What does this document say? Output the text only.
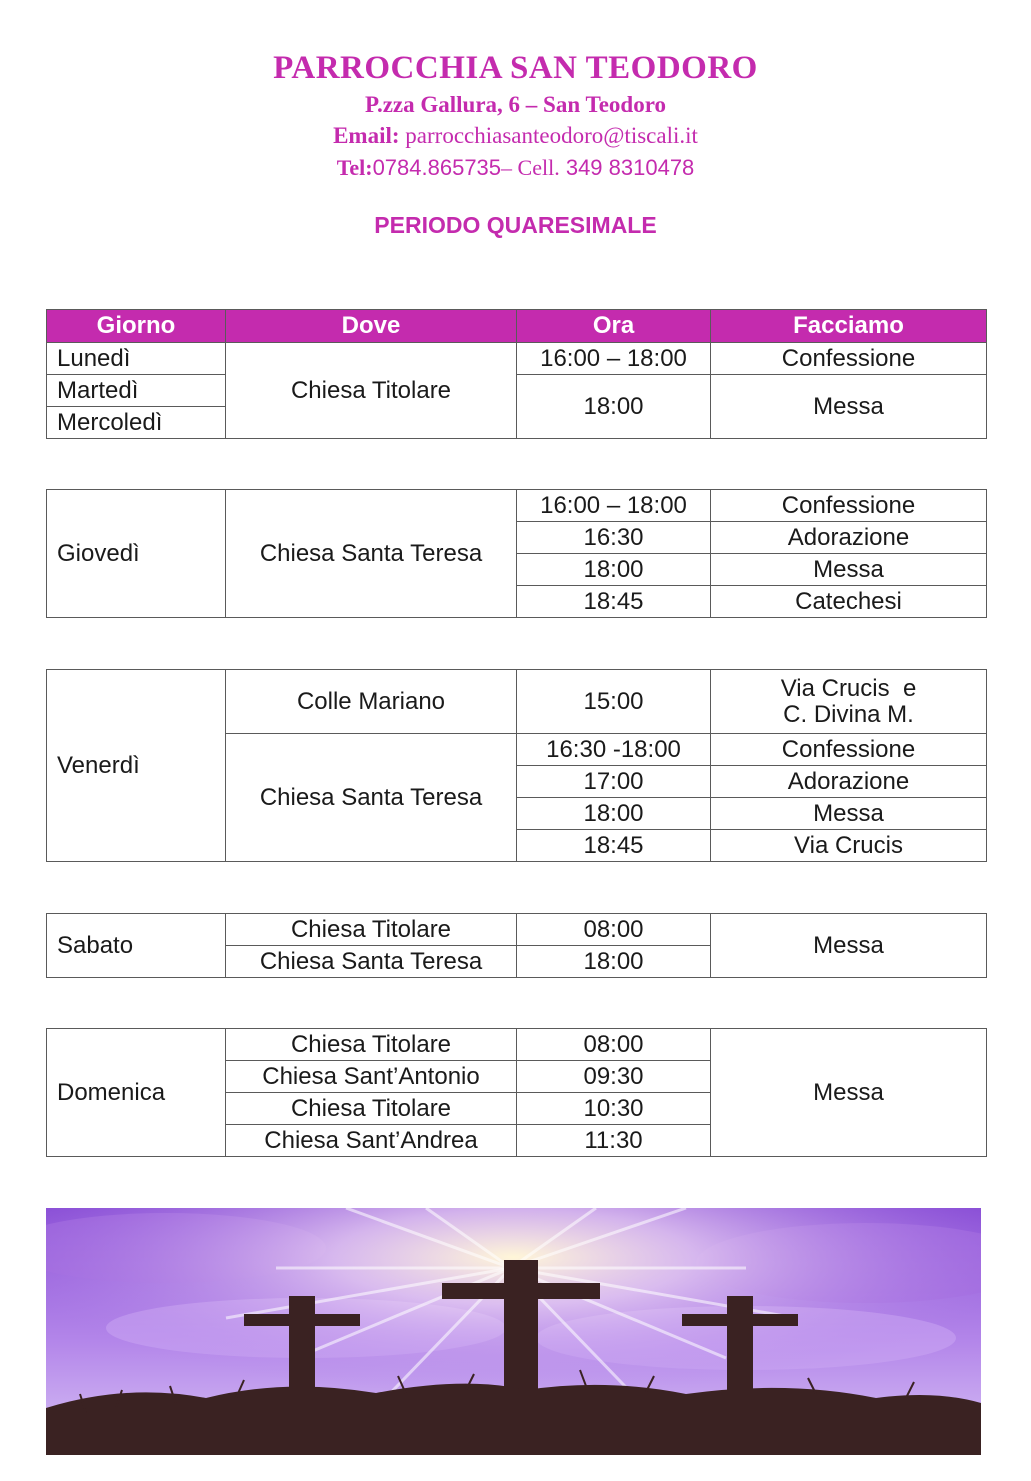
PARROCCHIA SAN TEODORO
P.zza Gallura, 6 – San Teodoro
Email: parrocchiasanteodoro@tiscali.it
Tel:0784.865735– Cell. 349 8310478
PERIODO QUARESIMALE
Giorno	Dove	Ora	Facciamo
Lunedì	Chiesa Titolare	16:00 – 18:00	Confessione
Martedì		18:00	Messa
Mercoledì			
Giovedì	Chiesa Santa Teresa	16:00 – 18:00	Confessione
		16:30	Adorazione
		18:00	Messa
		18:45	Catechesi
Venerdì	Colle Mariano	15:00	Via Crucis  e
C. Divina M.

	Chiesa Santa Teresa	16:30 -18:00	Confessione
		17:00	Adorazione
		18:00	Messa
		18:45	Via Crucis
Sabato	Chiesa Titolare	08:00	Messa
	Chiesa Santa Teresa	18:00	
Domenica	Chiesa Titolare	08:00	Messa
	Chiesa Sant’Antonio	09:30	
	Chiesa Titolare	10:30	
	Chiesa Sant’Andrea	11:30	
